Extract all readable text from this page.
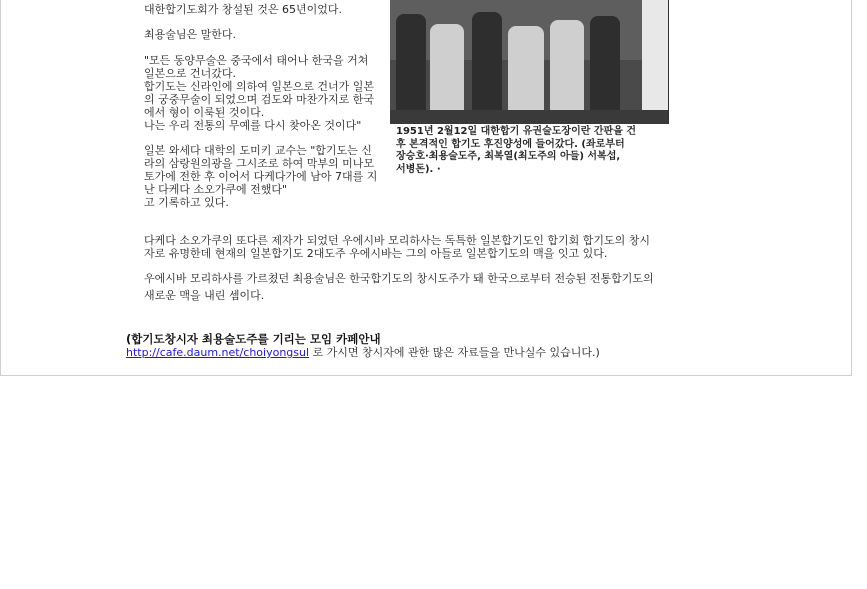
대한합기도회가 창설된 것은 65년이었다.

최용술님은 말한다.

"모든 동양무술은 중국에서 태어나 한국을 거쳐

일본으로 건너갔다.

합기도는 신라인에 의하여 일본으로 건너가 일본

의 궁중무술이 되었으며 검도와 마찬가지로 한국

에서 형이 이룩된 것이다.

나는 우리 전통의 무예를 다시 찾아온 것이다"

일본 와세다 대학의 도미키 교수는 "합기도는 신

라의 삼랑원의광을 그시조로 하여 막부의 미나모

토가에 전한 후 이어서 다케다가에 남아 7대를 지

난 다케다 소오가쿠에 전했다"

고 기록하고 있다.

1951년 2월12일 대한합기 유권술도장이란 간판을 건
후 본격적인 합기도 후진양성에 들어갔다. (좌로부터
장승호·최용술도주, 최복열(최도주의 아들) 서복섭,
서병돈). ·

다케다 소오가쿠의 또다른 제자가 되었던 우에시바 모리하사는 독특한 일본합기도인 합기회 합기도의 창시

자로 유명한데 현재의 일본합기도 2대도주 우에시바는 그의 아들로 일본합기도의 맥을 잇고 있다.

우에시바 모리하사를 가르쳤던 최용술님은 한국합기도의 창시도주가 돼 한국으로부터 전승된 전통합기도의

새로운 맥을 내린 셈이다.

(합기도창시자 최용술도주를 기리는 모임 카페안내
http://cafe.daum.net/choiyongsul 로 가시면 창시자에 관한 많은 자료들을 만나실수 있습니다.)
